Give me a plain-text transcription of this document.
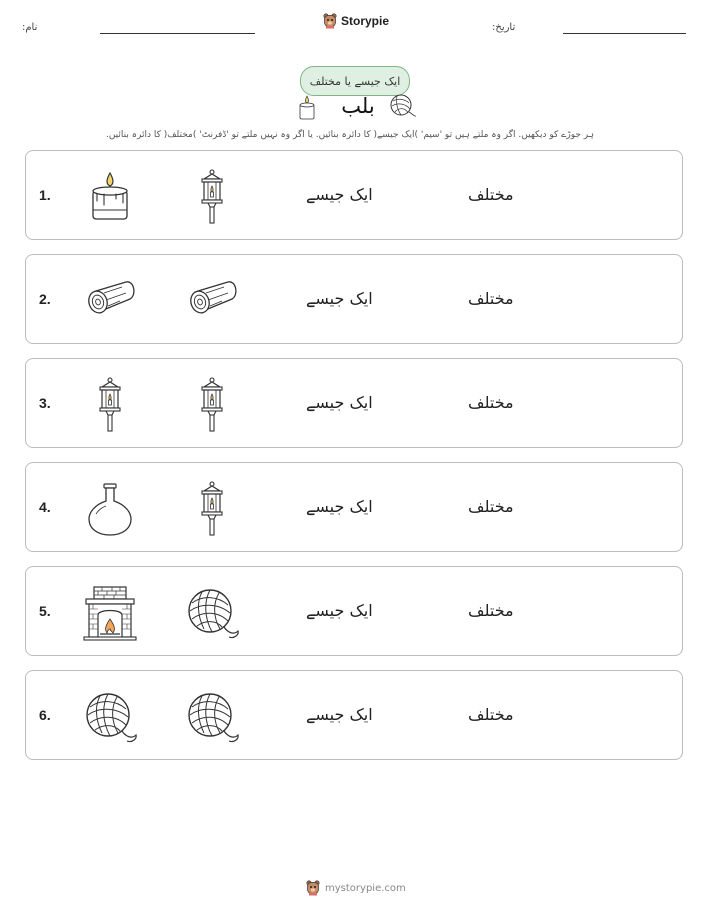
نام:	Storypie	تاریخ:
ایک جیسے یا مختلف
بلب
ہر جوڑے کو دیکھیں. اگر وہ ملتے ہیں تو 'سیم' )ایک جیسے( کا دائرہ بنائیں. یا اگر وہ نہیں ملتے تو 'ڈفرنٹ' )مختلف( کا دائرہ بنائیں.
1.	ایک جیسے	مختلف
2.	ایک جیسے	مختلف
3.	ایک جیسے	مختلف
4.	ایک جیسے	مختلف
5.	ایک جیسے	مختلف
6.	ایک جیسے	مختلف
mystorypie.com
